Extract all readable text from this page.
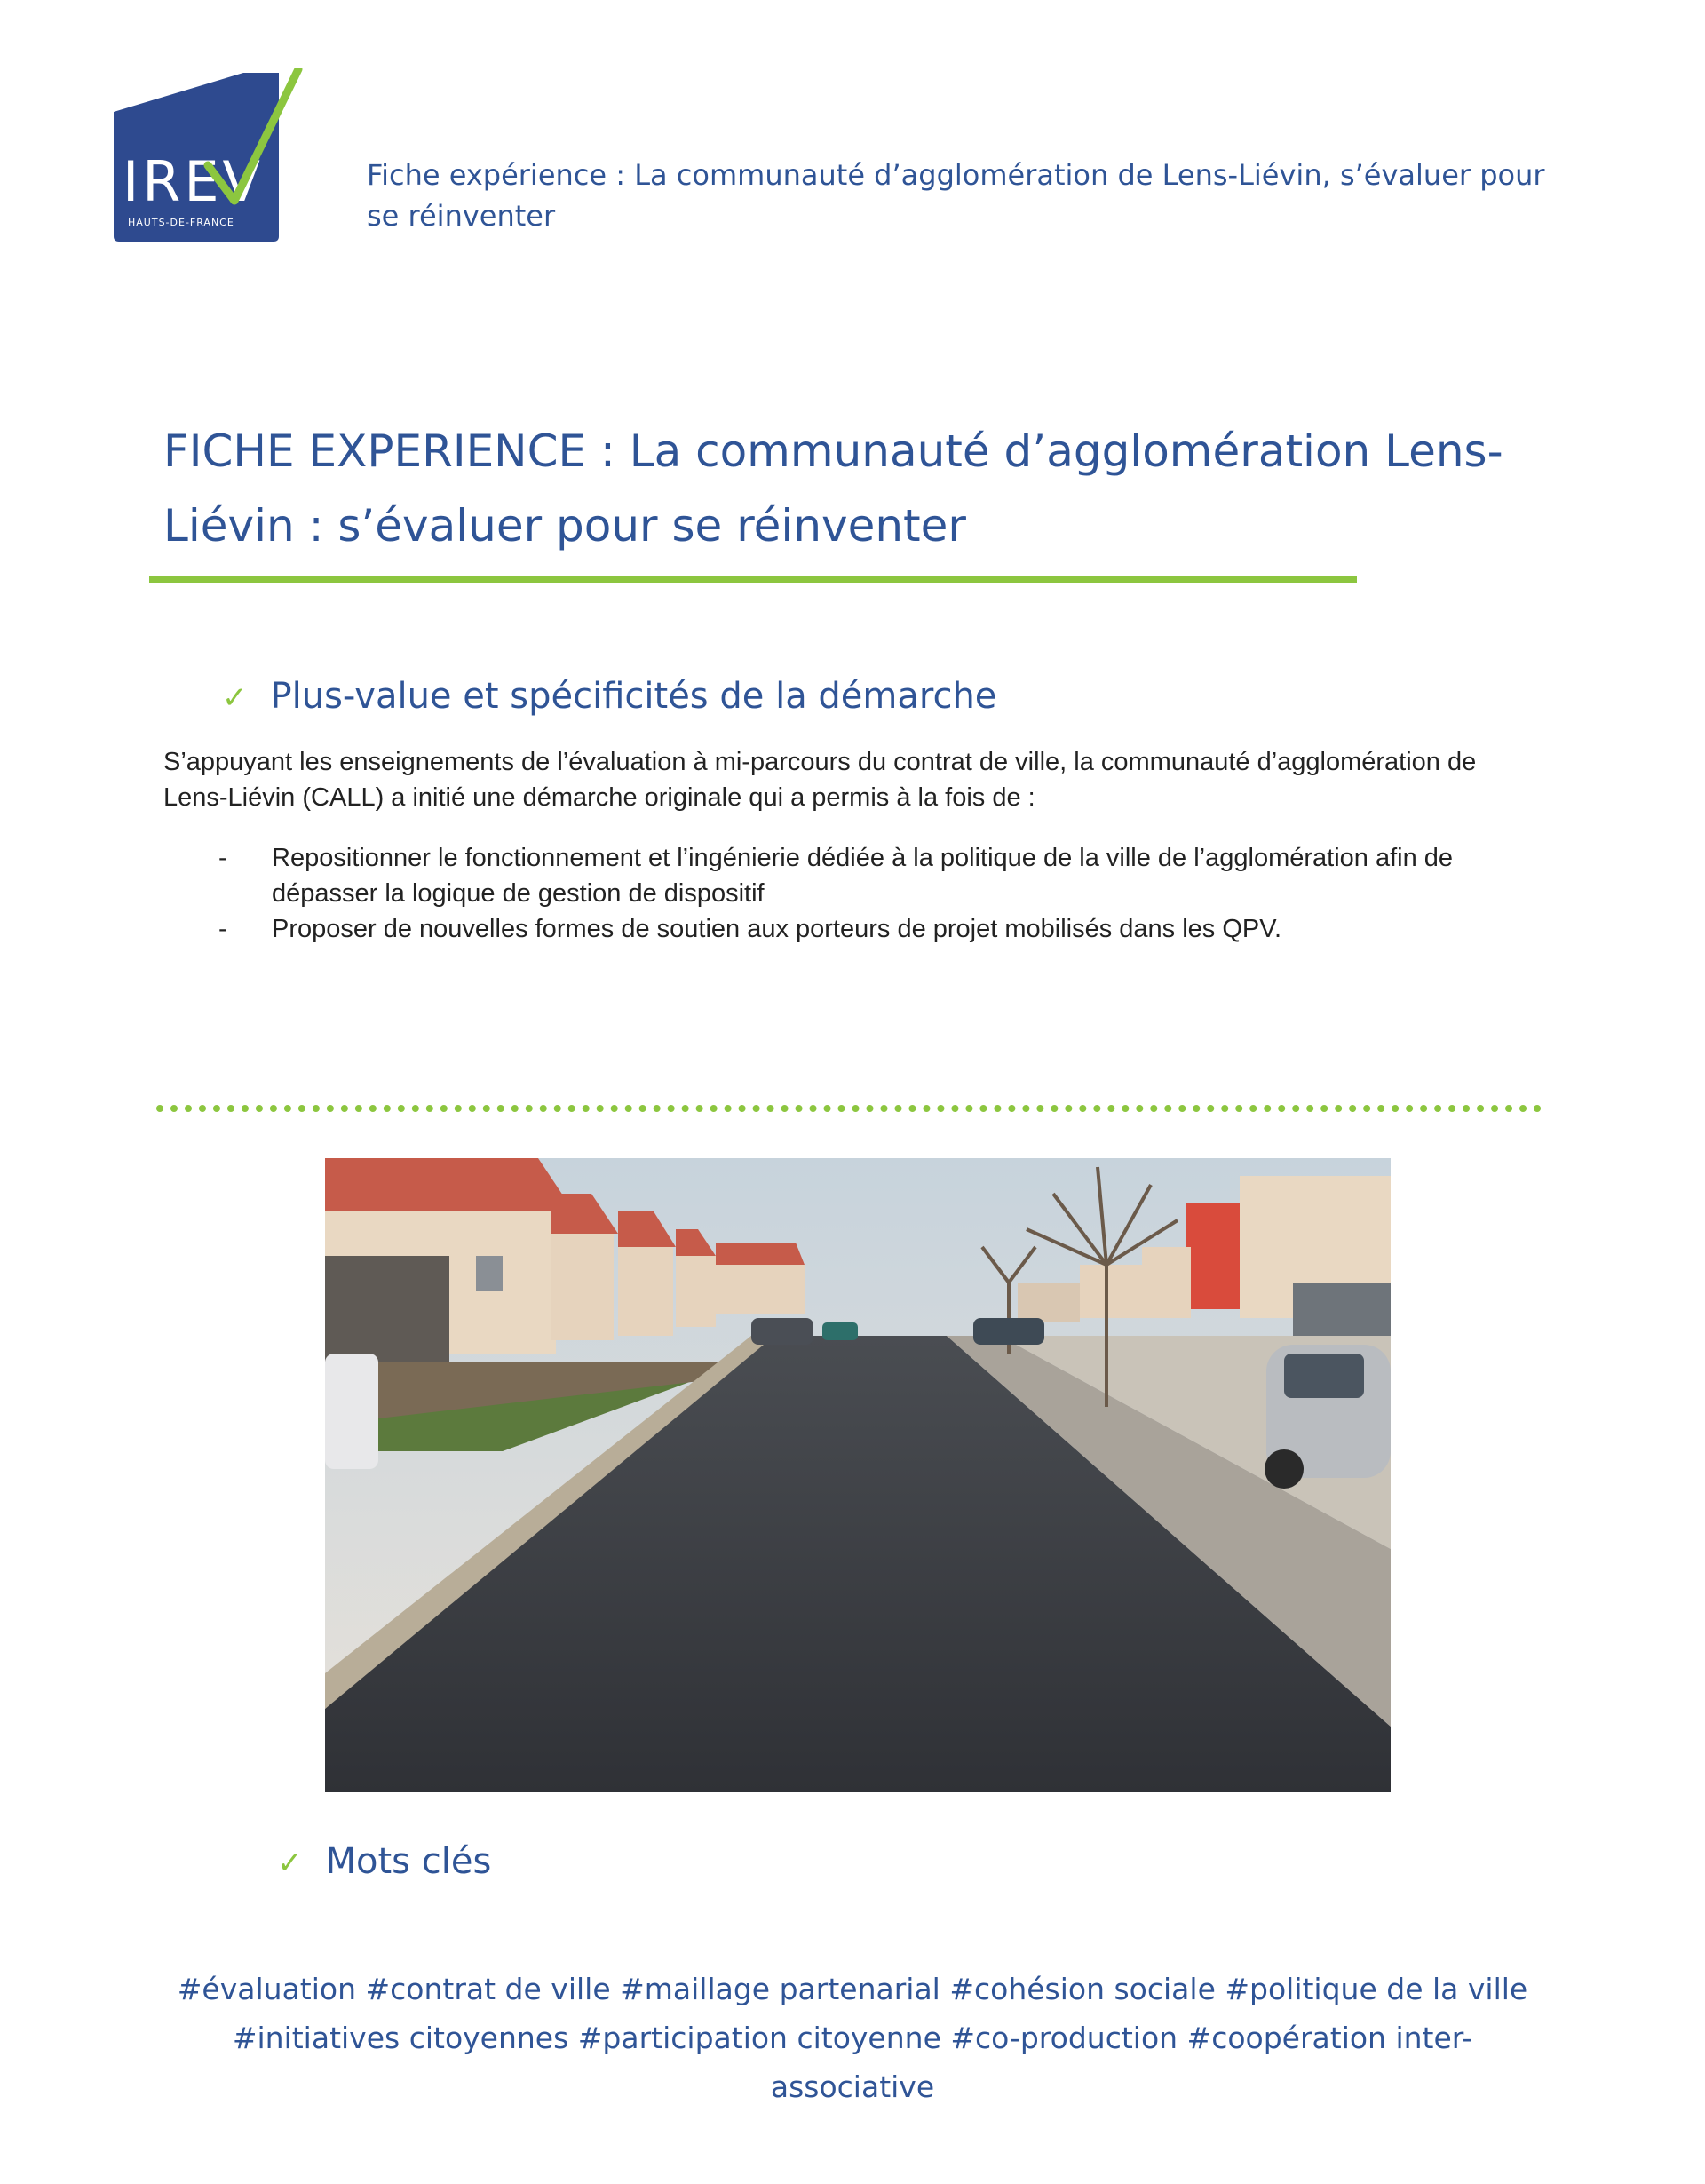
IREV
HAUTS-DE-FRANCE
Fiche expérience : La communauté d’agglomération de Lens-Liévin, s’évaluer pour se réinventer
FICHE EXPERIENCE : La communauté d’agglomération Lens-
Liévin : s’évaluer pour se réinventer
✓ Plus-value et spécificités de la démarche

S’appuyant les enseignements de l’évaluation à mi-parcours du contrat de ville, la communauté d’agglomération de Lens-Liévin (CALL) a initié une démarche originale qui a permis à la fois de :

- Repositionner le fonctionnement et l’ingénierie dédiée à la politique de la ville de l’agglomération afin de dépasser la logique de gestion de dispositif
- Proposer de nouvelles formes de soutien aux porteurs de projet mobilisés dans les QPV.
✓ Mots clés
#évaluation #contrat de ville #maillage partenarial #cohésion sociale #politique de la ville #initiatives citoyennes #participation citoyenne #co-production #coopération inter-associative
